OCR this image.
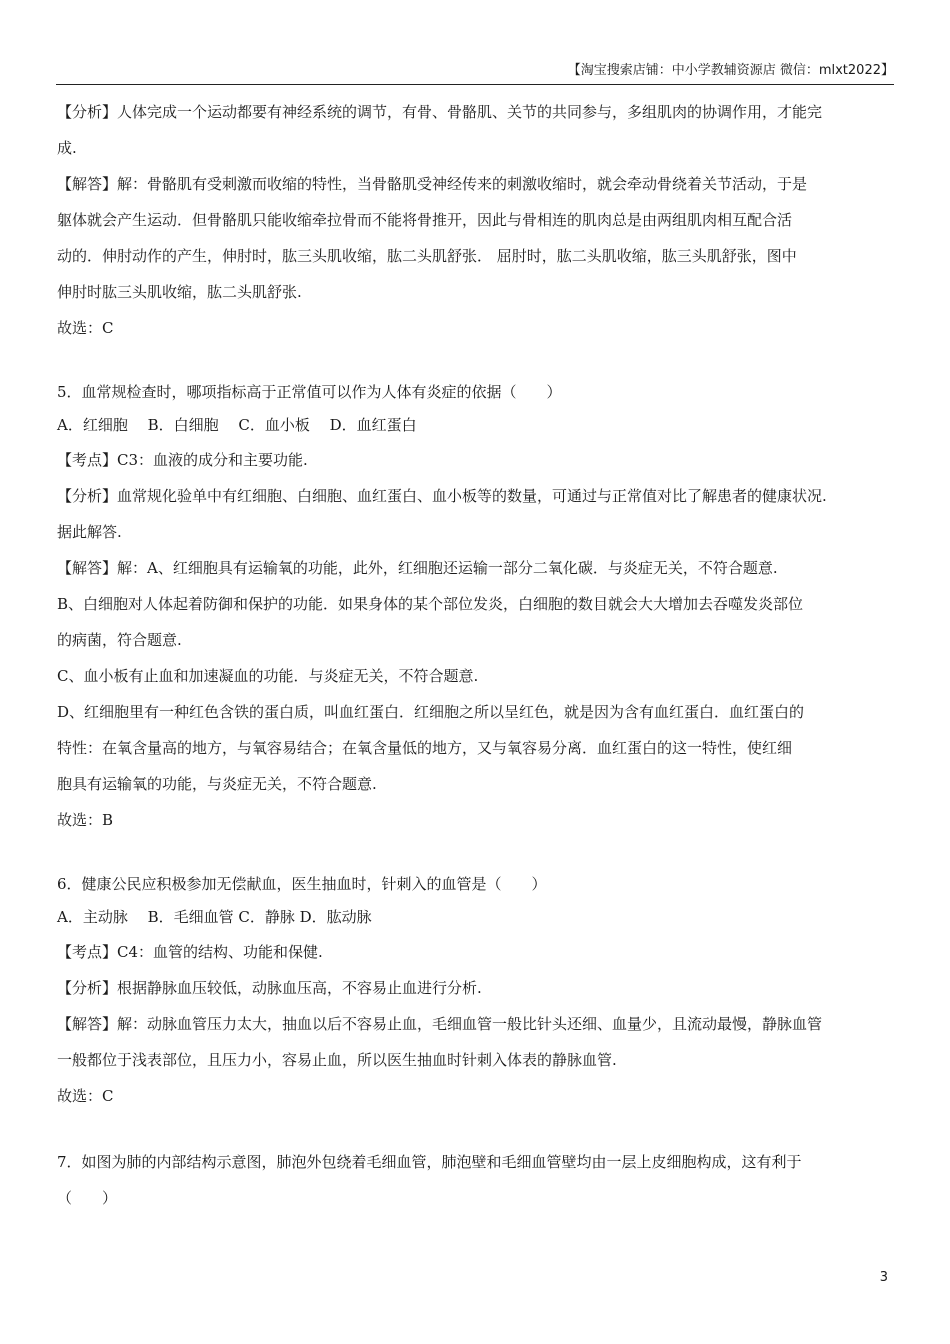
【淘宝搜索店铺：中小学教辅资源店 微信：mlxt2022】

【分析】人体完成一个运动都要有神经系统的调节，有骨、骨骼肌、关节的共同参与，多组肌肉的协调作用，才能完

成.

【解答】解：骨骼肌有受刺激而收缩的特性，当骨骼肌受神经传来的刺激收缩时，就会牵动骨绕着关节活动，于是

躯体就会产生运动．但骨骼肌只能收缩牵拉骨而不能将骨推开，因此与骨相连的肌肉总是由两组肌肉相互配合活

动的．伸肘动作的产生，伸肘时，肱三头肌收缩，肱二头肌舒张． 屈肘时，肱二头肌收缩，肱三头肌舒张，图中

伸肘时肱三头肌收缩，肱二头肌舒张.

故选：C

5．血常规检查时，哪项指标高于正常值可以作为人体有炎症的依据（　　）

A．红细胞　 B．白细胞　 C．血小板　 D．血红蛋白

【考点】C3：血液的成分和主要功能.

【分析】血常规化验单中有红细胞、白细胞、血红蛋白、血小板等的数量，可通过与正常值对比了解患者的健康状况.

据此解答.

【解答】解：A、红细胞具有运输氧的功能，此外，红细胞还运输一部分二氧化碳．与炎症无关，不符合题意.

B、白细胞对人体起着防御和保护的功能．如果身体的某个部位发炎，白细胞的数目就会大大增加去吞噬发炎部位

的病菌，符合题意.

C、血小板有止血和加速凝血的功能．与炎症无关，不符合题意.

D、红细胞里有一种红色含铁的蛋白质，叫血红蛋白．红细胞之所以呈红色，就是因为含有血红蛋白．血红蛋白的

特性：在氧含量高的地方，与氧容易结合；在氧含量低的地方，又与氧容易分离．血红蛋白的这一特性，使红细

胞具有运输氧的功能，与炎症无关，不符合题意.

故选：B

6．健康公民应积极参加无偿献血，医生抽血时，针刺入的血管是（　　）

A．主动脉　 B．毛细血管 C．静脉 D．肱动脉

【考点】C4：血管的结构、功能和保健.

【分析】根据静脉血压较低，动脉血压高，不容易止血进行分析.

【解答】解：动脉血管压力太大，抽血以后不容易止血，毛细血管一般比针头还细、血量少，且流动最慢，静脉血管

一般都位于浅表部位，且压力小，容易止血，所以医生抽血时针刺入体表的静脉血管.

故选：C

7．如图为肺的内部结构示意图，肺泡外包绕着毛细血管，肺泡壁和毛细血管壁均由一层上皮细胞构成，这有利于

（　　）

3
